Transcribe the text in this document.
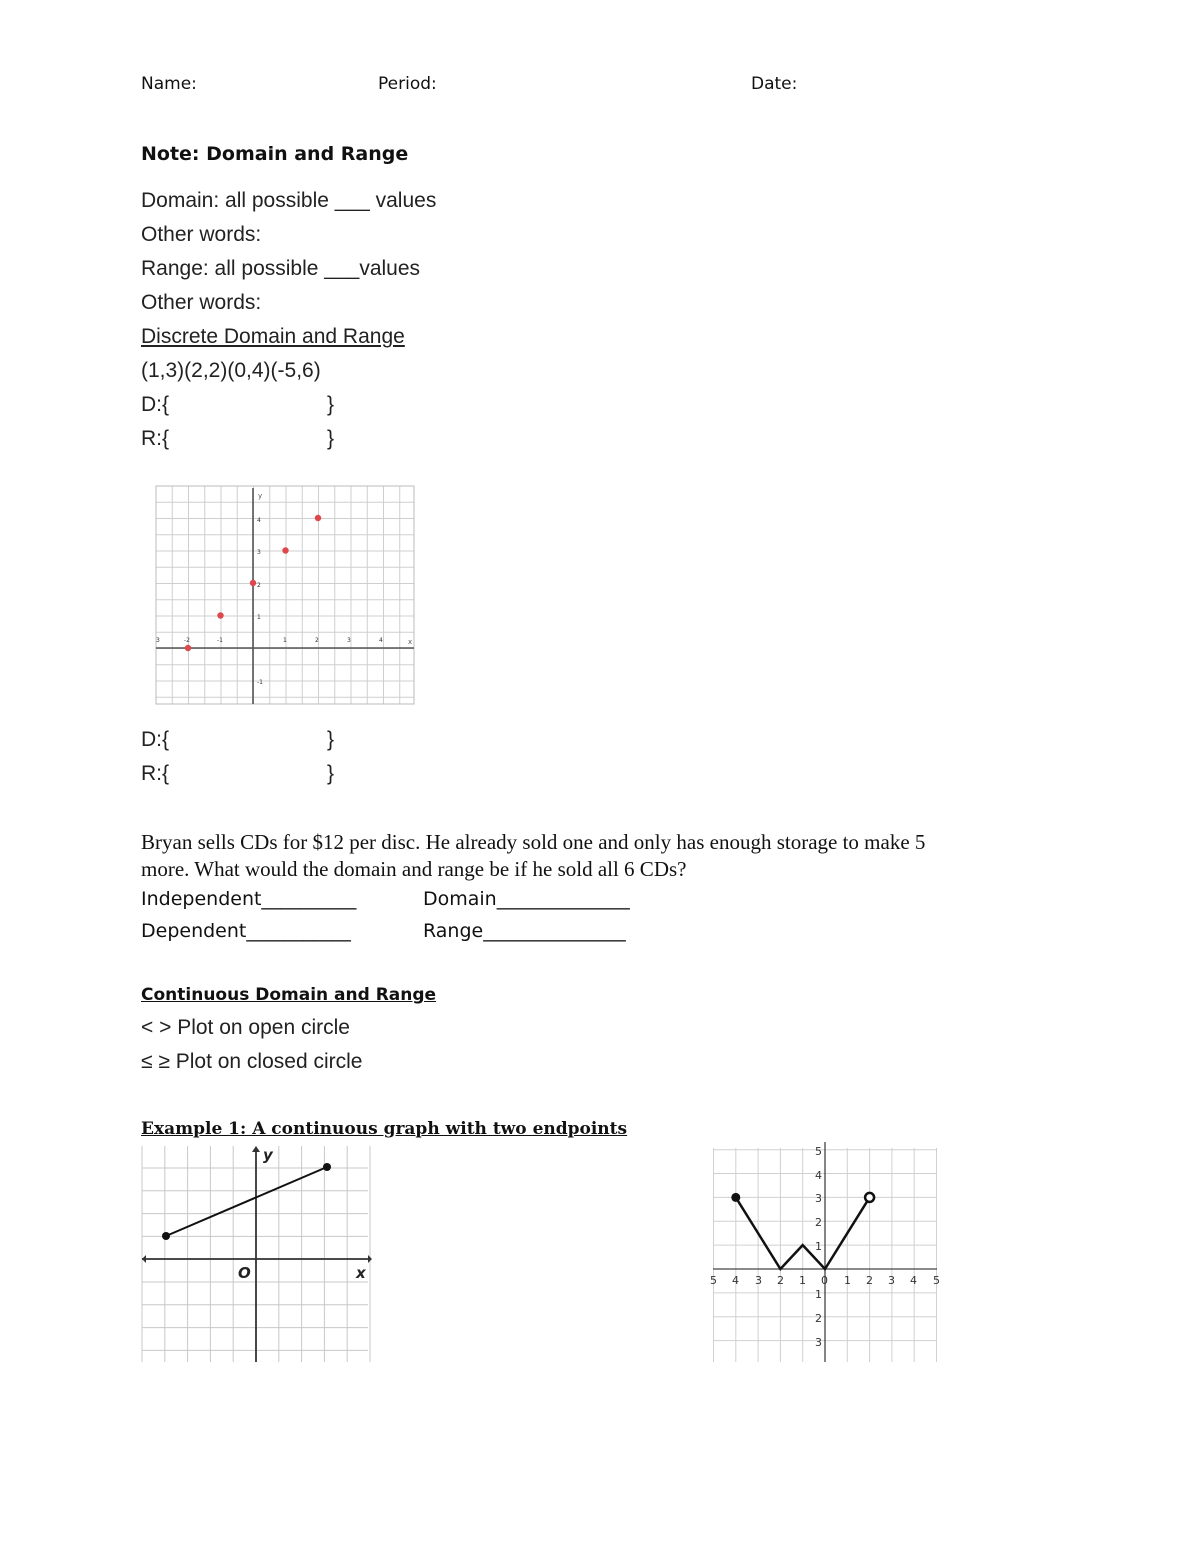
Name:	Period:	Date:
Note: Domain and Range
Domain: all possible ___ values
Other words:
Range: all possible ___values
Other words:
Discrete Domain and Range
(1,3)(2,2)(0,4)(-5,6)
D:{	}
R:{	}
x
y
3	-2	-1	1	2	3	4
4
3
2
1
-1
D:{	}
R:{	}
Bryan sells CDs for $12 per disc. He already sold one and only has enough storage to make 5
more. What would the domain and range be if he sold all 6 CDs?
Independent__________	Domain______________
Dependent___________	Range_______________
Continuous Domain and Range
< > Plot on open circle
≤ ≥ Plot on closed circle
Example 1: A continuous graph with two endpoints
y
x
O	5 4 3 2 1 0 1 2 3 4 5
5
4
3
2
1
1
2
3
